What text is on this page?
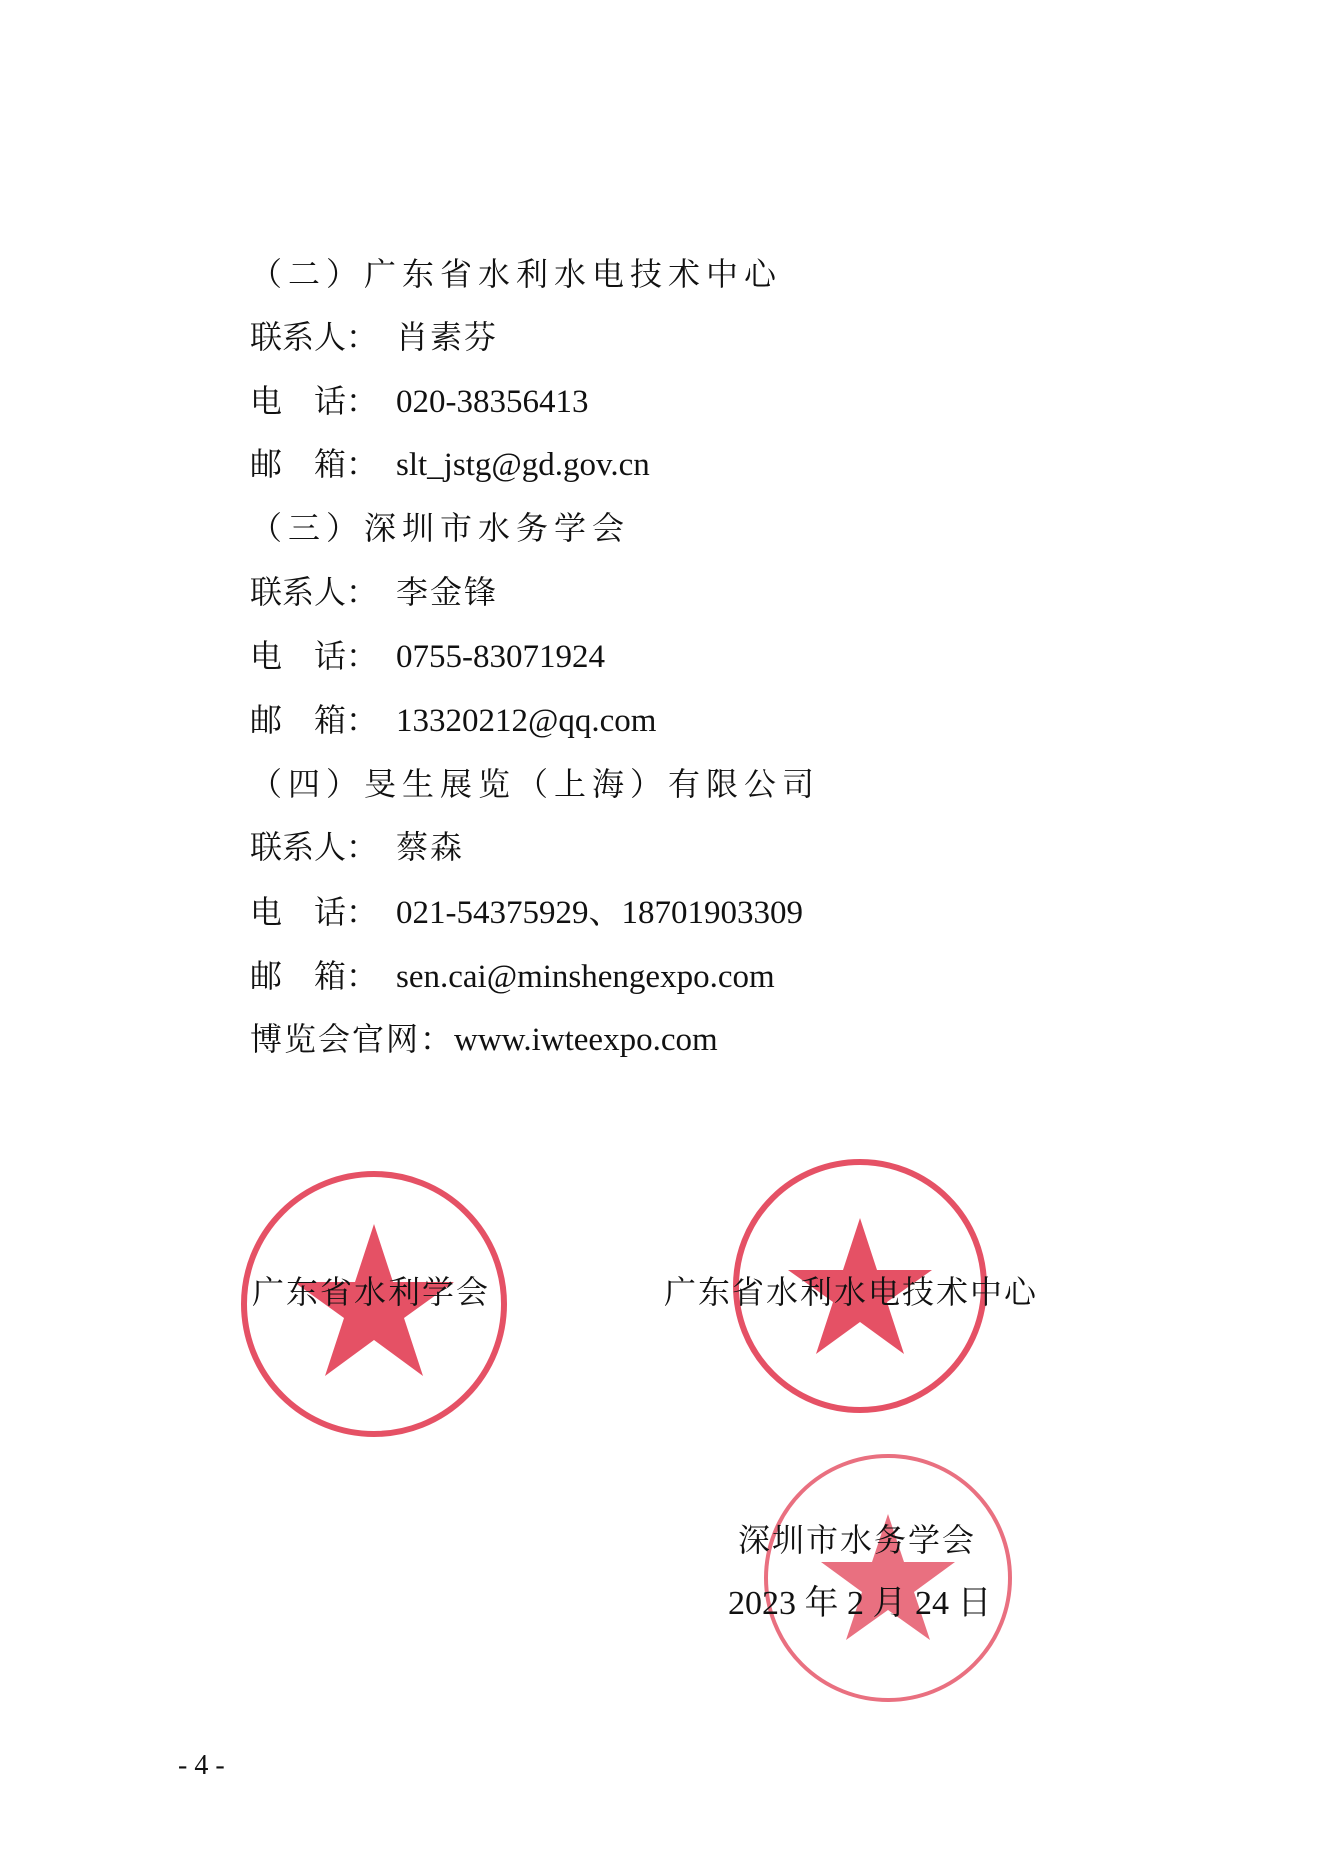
（二）广东省水利水电技术中心
联系人： 肖素芬
电　话： 020-38356413
邮　箱： slt_jstg@gd.gov.cn
（三）深圳市水务学会
联系人： 李金锋
电　话： 0755-83071924
邮　箱： 13320212@qq.com
（四）旻生展览（上海）有限公司
联系人： 蔡森
电　话： 021-54375929、18701903309
邮　箱： sen.cai@minshengexpo.com
博览会官网：www.iwteexpo.com
广东省水利学会	广东省水利水电技术中心
深圳市水务学会
2023 年 2 月 24 日
- 4 -
